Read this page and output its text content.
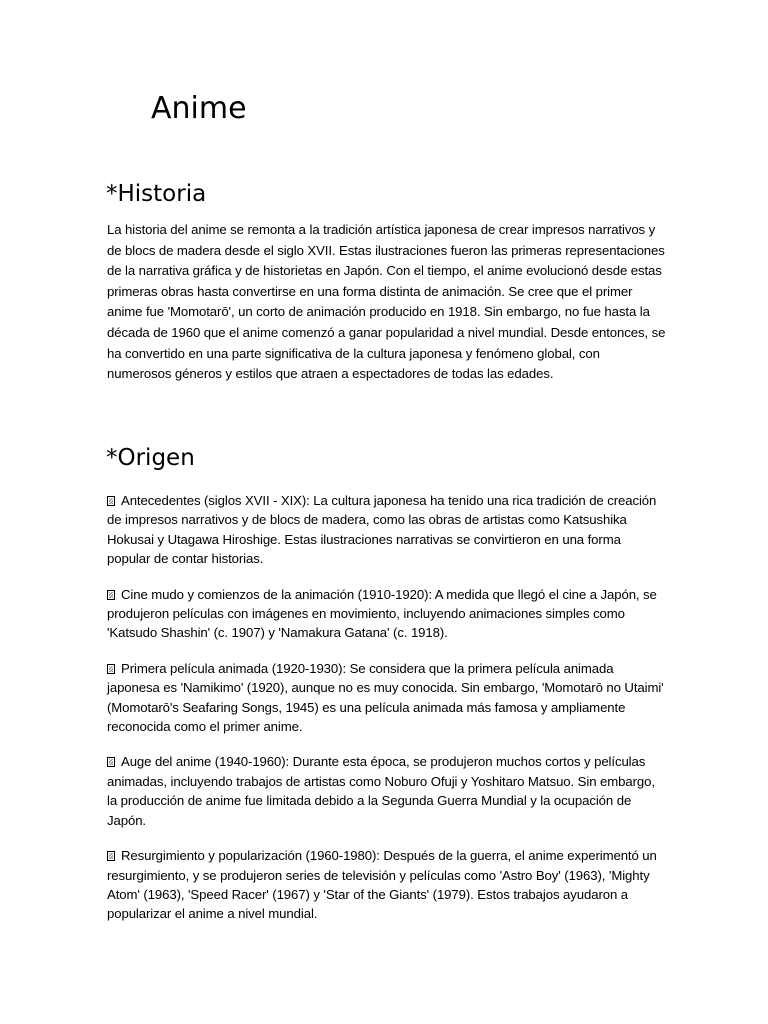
Anime
*Historia

La historia del anime se remonta a la tradición artística japonesa de crear impresos narrativos y de blocs de madera desde el siglo XVII. Estas ilustraciones fueron las primeras representaciones de la narrativa gráfica y de historietas en Japón. Con el tiempo, el anime evolucionó desde estas primeras obras hasta convertirse en una forma distinta de animación. Se cree que el primer anime fue 'Momotarō', un corto de animación producido en 1918. Sin embargo, no fue hasta la década de 1960 que el anime comenzó a ganar popularidad a nivel mundial. Desde entonces, se ha convertido en una parte significativa de la cultura japonesa y fenómeno global, con numerosos géneros y estilos que atraen a espectadores de todas las edades.

*Origen
Antecedentes (siglos XVII - XIX): La cultura japonesa ha tenido una rica tradición de creación de impresos narrativos y de blocs de madera, como las obras de artistas como Katsushika Hokusai y Utagawa Hiroshige. Estas ilustraciones narrativas se convirtieron en una forma popular de contar historias.
Cine mudo y comienzos de la animación (1910-1920): A medida que llegó el cine a Japón, se produjeron películas con imágenes en movimiento, incluyendo animaciones simples como 'Katsudo Shashin' (c. 1907) y 'Namakura Gatana' (c. 1918).
Primera película animada (1920-1930): Se considera que la primera película animada japonesa es 'Namikimo' (1920), aunque no es muy conocida. Sin embargo, 'Momotarō no Utaimi' (Momotarō's Seafaring Songs, 1945) es una película animada más famosa y ampliamente reconocida como el primer anime.
Auge del anime (1940-1960): Durante esta época, se produjeron muchos cortos y películas animadas, incluyendo trabajos de artistas como Noburo Ofuji y Yoshitaro Matsuo. Sin embargo, la producción de anime fue limitada debido a la Segunda Guerra Mundial y la ocupación de Japón.
Resurgimiento y popularización (1960-1980): Después de la guerra, el anime experimentó un resurgimiento, y se produjeron series de televisión y películas como 'Astro Boy' (1963), 'Mighty Atom' (1963), 'Speed Racer' (1967) y 'Star of the Giants' (1979). Estos trabajos ayudaron a popularizar el anime a nivel mundial.
